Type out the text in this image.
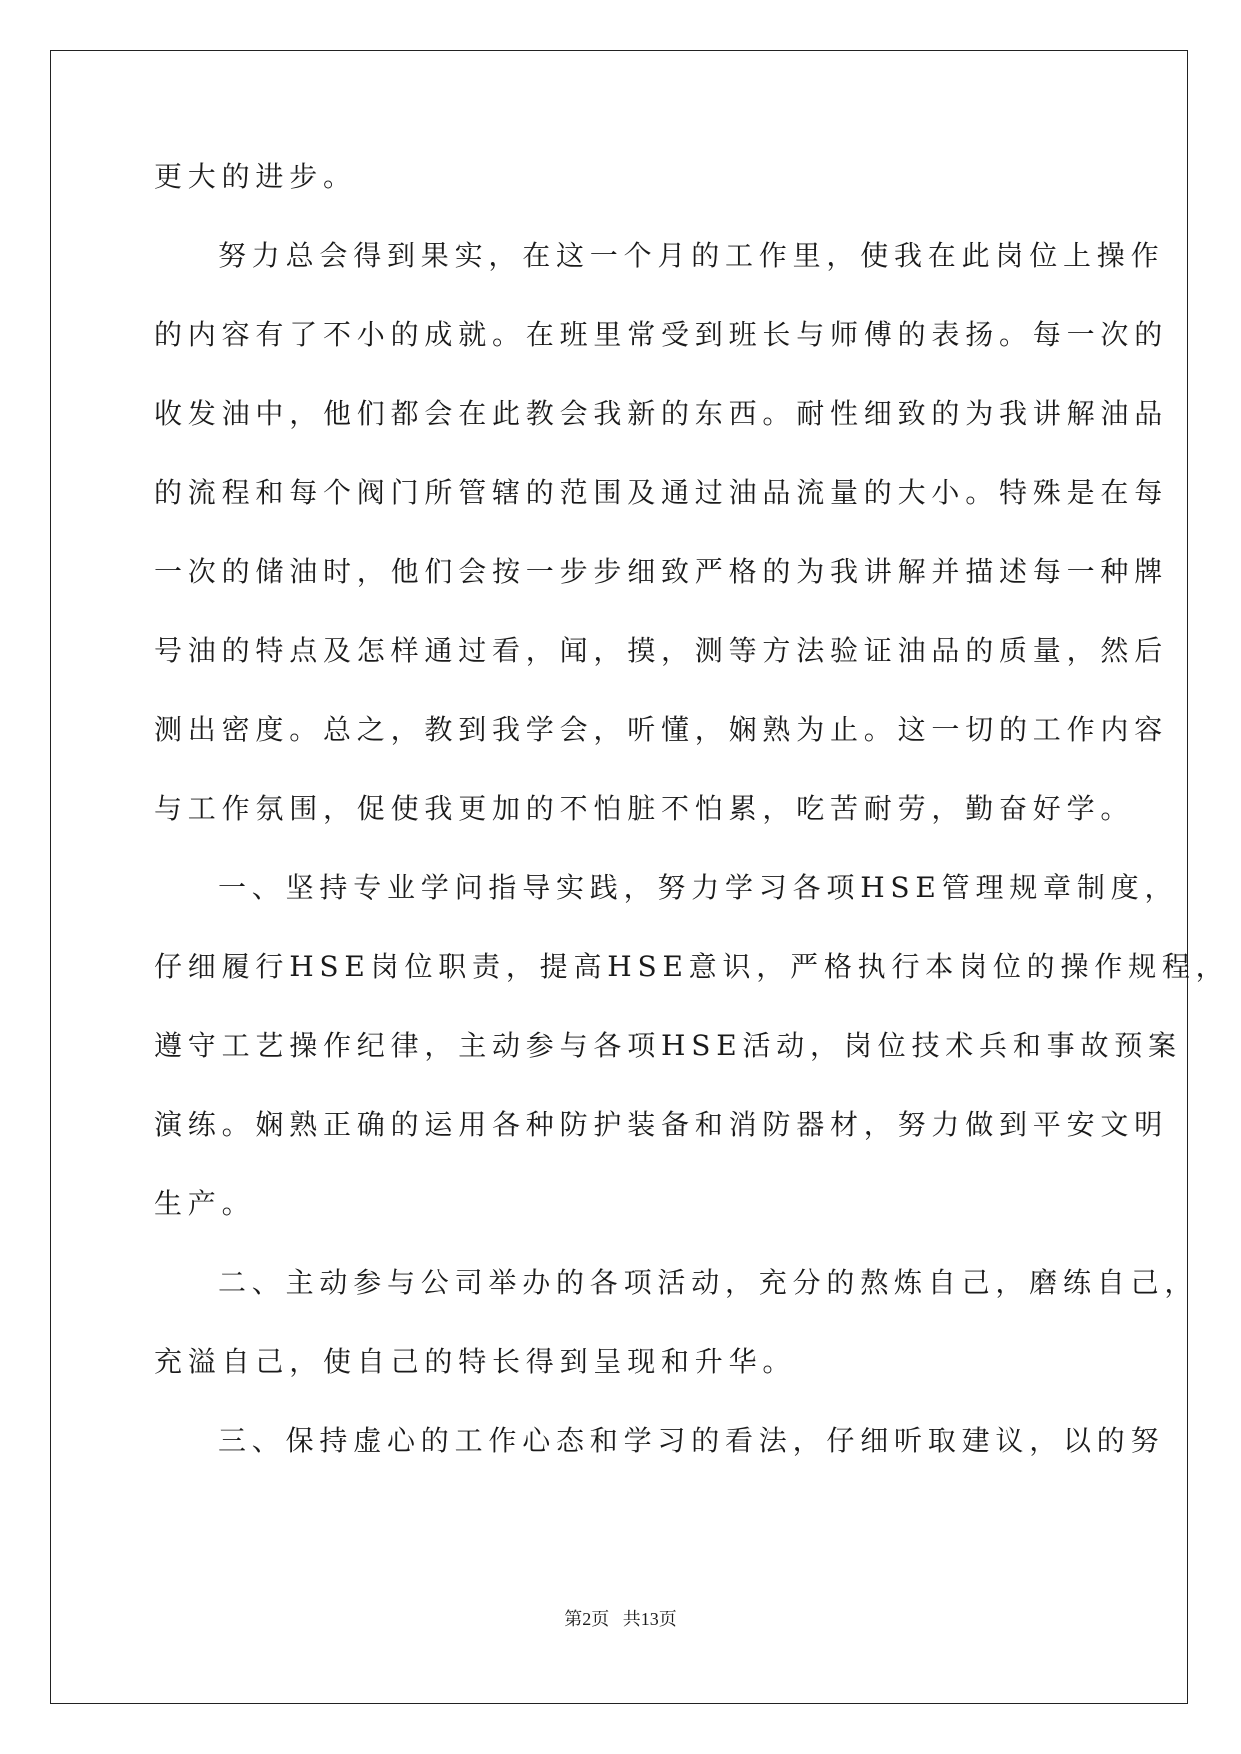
更大的进步。
努力总会得到果实，在这一个月的工作里，使我在此岗位上操作
的内容有了不小的成就。在班里常受到班长与师傅的表扬。每一次的
收发油中，他们都会在此教会我新的东西。耐性细致的为我讲解油品
的流程和每个阀门所管辖的范围及通过油品流量的大小。特殊是在每
一次的储油时，他们会按一步步细致严格的为我讲解并描述每一种牌
号油的特点及怎样通过看，闻，摸，测等方法验证油品的质量，然后
测出密度。总之，教到我学会，听懂，娴熟为止。这一切的工作内容
与工作氛围，促使我更加的不怕脏不怕累，吃苦耐劳，勤奋好学。
一、坚持专业学问指导实践，努力学习各项HSE管理规章制度，
仔细履行HSE岗位职责，提高HSE意识，严格执行本岗位的操作规程，
遵守工艺操作纪律，主动参与各项HSE活动，岗位技术兵和事故预案
演练。娴熟正确的运用各种防护装备和消防器材，努力做到平安文明
生产。
二、主动参与公司举办的各项活动，充分的熬炼自己，磨练自己，
充溢自己，使自己的特长得到呈现和升华。
三、保持虚心的工作心态和学习的看法，仔细听取建议，以的努
第2页 共13页
